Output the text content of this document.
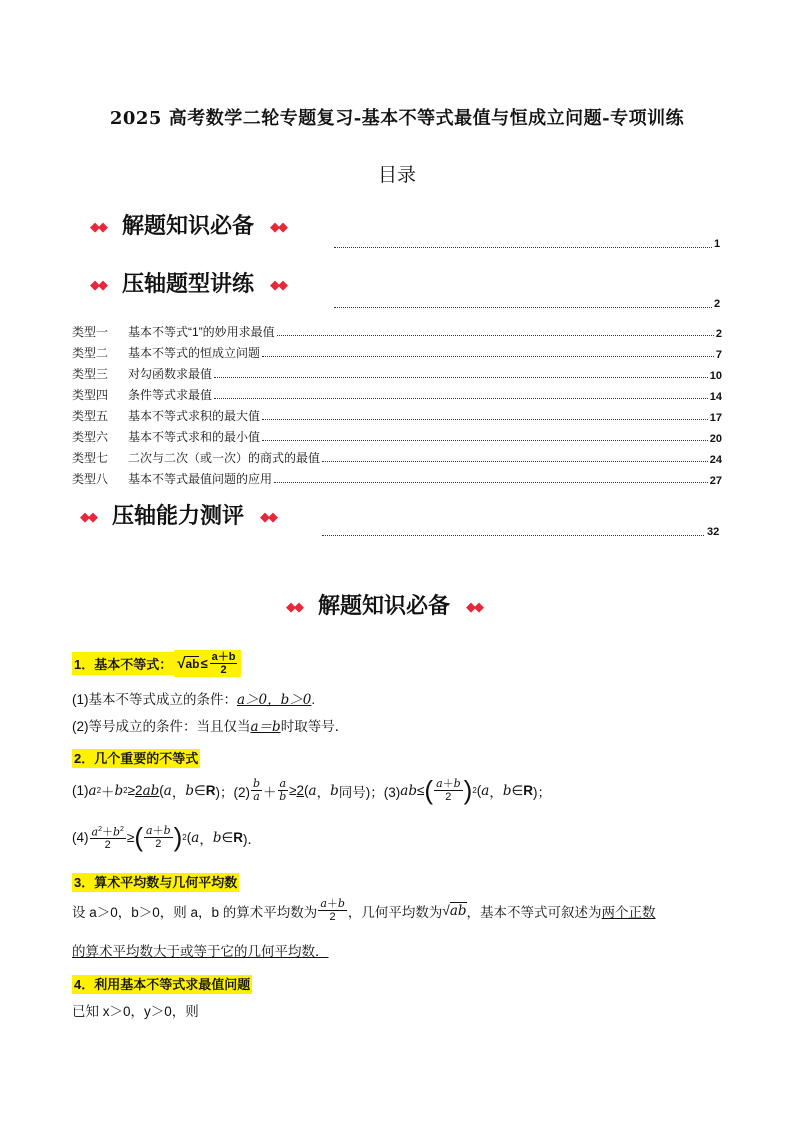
2025 高考数学二轮专题复习-基本不等式最值与恒成立问题-专项训练
目录
◆◆ 解题知识必备	◆◆
1
◆◆ 压轴题型讲练	◆◆
2
类型一 基本不等式“1”的妙用求最值	2
类型二 基本不等式的恒成立问题	7
类型三 对勾函数求最值	10
类型四 条件等式求最值	14
类型五 基本不等式求积的最大值	17
类型六 基本不等式求和的最小值	20
类型七 二次与二次（或一次）的商式的最值	24
类型八 基本不等式最值问题的应用	27
◆◆ 压轴能力测评	◆◆
32
◆◆ 解题知识必备	◆◆
1．基本不等式： √ ab ≤ $\frac{a+b}{2}$
(1)基本不等式成立的条件：a＞0，b＞0.
(2)等号成立的条件：当且仅当a＝b时取等号．
2．几个重要的不等式
(1) a 2 ＋ b 2 ≥ 2ab ( a ， b ∈ R )；$(2) \frac{b}{a} + \frac{a}{b} \ge 2$ ( a ， b 同号)；(3) ab ≤ ( a＋b
2 ) 2 ( a ， b ∈ R )；
(4) $a^2+b^2$
2
≥ ( a＋b
2 ) 2 ( a ， b ∈ R )．
3．算术平均数与几何平均数
设 a＞0，b＞0，则 a，b 的算术平均数为
a＋b
2 ，几何平均数为 √ab ，基本不等式可叙述为 两个正数
的算术平均数大于或等于它的几何平均数．
4．利用基本不等式求最值问题
已知 x＞0，y＞0，则
